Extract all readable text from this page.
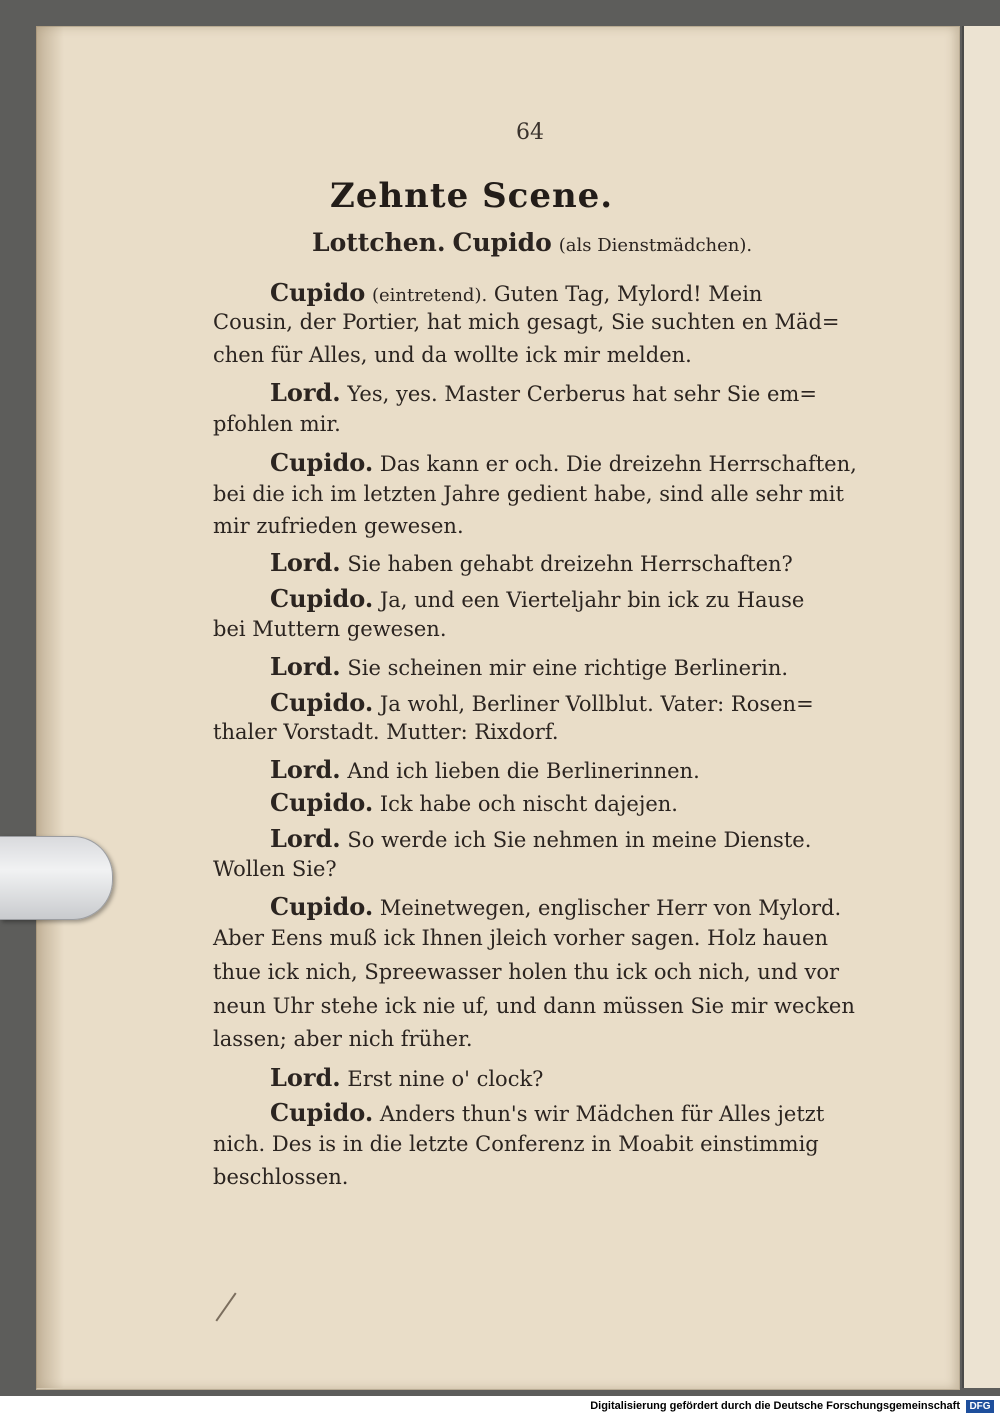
64
Zehnte Scene.
Lottchen. Cupido (als Dienstmädchen).
Cupido (eintretend). Guten Tag, Mylord! Mein
Cousin, der Portier, hat mich gesagt, Sie suchten en Mäd=
chen für Alles, und da wollte ick mir melden.
Lord. Yes, yes. Master Cerberus hat sehr Sie em=
pfohlen mir.
Cupido. Das kann er och. Die dreizehn Herrschaften,
bei die ich im letzten Jahre gedient habe, sind alle sehr mit
mir zufrieden gewesen.
Lord. Sie haben gehabt dreizehn Herrschaften?
Cupido. Ja, und een Vierteljahr bin ick zu Hause
bei Muttern gewesen.
Lord. Sie scheinen mir eine richtige Berlinerin.
Cupido. Ja wohl, Berliner Vollblut. Vater: Rosen=
thaler Vorstadt. Mutter: Rixdorf.
Lord. And ich lieben die Berlinerinnen.
Cupido. Ick habe och nischt dajejen.
Lord. So werde ich Sie nehmen in meine Dienste.
Wollen Sie?
Cupido. Meinetwegen, englischer Herr von Mylord.
Aber Eens muß ick Ihnen jleich vorher sagen. Holz hauen
thue ick nich, Spreewasser holen thu ick och nich, und vor
neun Uhr stehe ick nie uf, und dann müssen Sie mir wecken
lassen; aber nich früher.
Lord. Erst nine o' clock?
Cupido. Anders thun's wir Mädchen für Alles jetzt
nich. Des is in die letzte Conferenz in Moabit einstimmig
beschlossen.
Digitalisierung gefördert durch die Deutsche Forschungsgemeinschaft DFG
